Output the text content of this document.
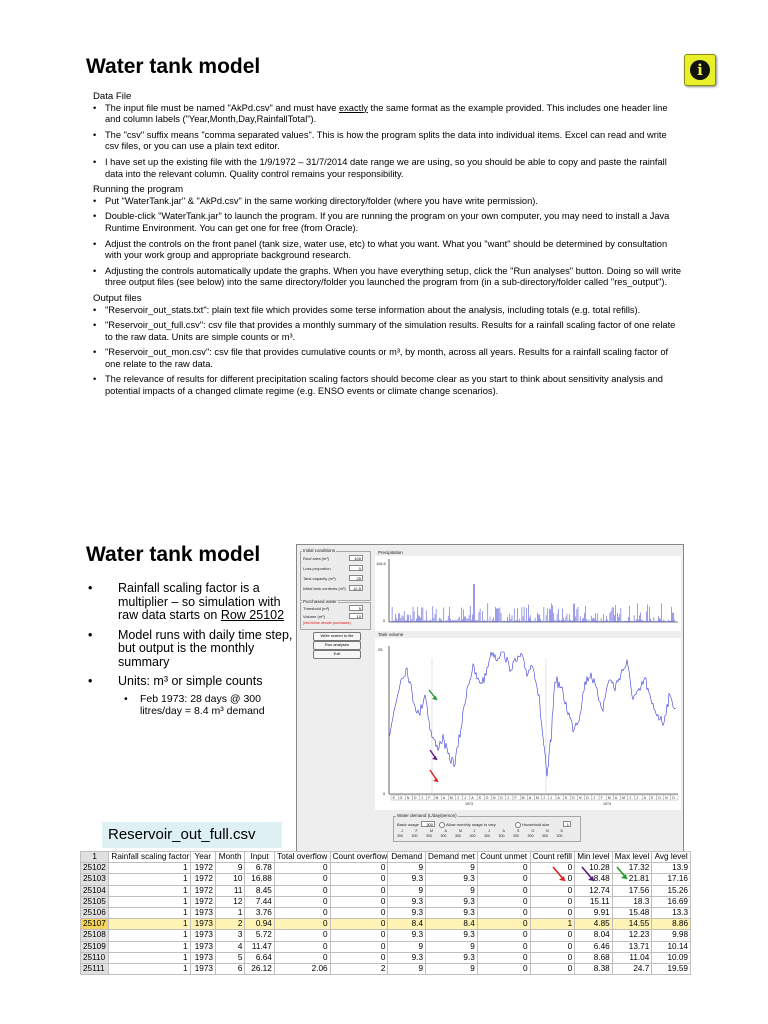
Water tank model	i
Data File
• The input file must be named "AkPd.csv" and must have exactly the same format as the example provided. This includes one header line and column labels ("Year,Month,Day,RainfallTotal").
• The "csv" suffix means "comma separated values". This is how the program splits the data into individual items. Excel can read and write csv files, or you can use a plain text editor.
• I have set up the existing file with the 1/9/1972 – 31/7/2014 date range we are using, so you should be able to copy and paste the rainfall data into the relevant column. Quality control remains your responsibility.
Running the program
• Put "WaterTank.jar" & "AkPd.csv" in the same working directory/folder (where you have write permission).
• Double-click "WaterTank.jar" to launch the program. If you are running the program on your own computer, you may need to install a Java Runtime Environment. You can get one for free (from Oracle).
• Adjust the controls on the front panel (tank size, water use, etc) to what you want. What you "want" should be determined by consultation with your work group and appropriate background research.
• Adjusting the controls automatically update the graphs. When you have everything setup, click the "Run analyses" button. Doing so will write three output files (see below) into the same directory/folder you launched the program from (in a sub-directory/folder called "res_output").
Output files
• "Reservoir_out_stats.txt": plain text file which provides some terse information about the analysis, including totals (e.g. total refills).
• "Reservoir_out_full.csv": csv file that provides a monthly summary of the simulation results. Results for a rainfall scaling factor of one relate to the raw data. Units are simple counts or m³.
• "Reservoir_out_mon.csv": csv file that provides cumulative counts or m³, by month, across all years. Results for a rainfall scaling factor of one relate to the raw data.
• The relevance of results for different precipitation scaling factors should become clear as you start to think about sensitivity analysis and potential impacts of a changed climate regime (e.g. ENSO events or climate change scenarios).
Water tank model
• Rainfall scaling factor is a multiplier – so simulation with raw data starts on Row 25102
• Model runs with daily time step, but output is the monthly summary
• Units: m³ or simple counts
• Feb 1973: 28 days @ 300 litres/day = 8.4 m³ demand
Initial conditions
Roof area (m²)	100
Loss proportion	0
Tank capacity (m³)	25
Initial tank contents (m³)	12.5
Purchased water
Threshold (m³)	5
Volume (m³)	10
(red=inline denote purchases)
Write screen to file
Run analyses
Exit
Precipitation
116.6
0
Tank volume
25
0
S O N D J F M A M J J A S O N D J F M A M J J A S O N D J F M A M J J A S O N D
1973	1974
Water demand (L/day/person)
Basic usage	300	Allow monthly usage to vary	Household size	1
J
300
F
300
M
300
A
300
M
300
J
300
J
300
A
300
S
300
O
300
N
300
D
300
Reservoir_out_full.csv
1	Rainfall scaling factor	Year	Month	Input	Total overflow	Count overflow	Demand	Demand met	Count unmet	Count refill	Min level	Max level	Avg level
25102	1	1972	9	6.78	0	0	9	9	0	0	10.28	17.32	13.9
25103	1	1972	10	16.88	0	0	9.3	9.3	0	0	8.48	21.81	17.16
25104	1	1972	11	8.45	0	0	9	9	0	0	12.74	17.56	15.26
25105	1	1972	12	7.44	0	0	9.3	9.3	0	0	15.11	18.3	16.69
25106	1	1973	1	3.76	0	0	9.3	9.3	0	0	9.91	15.48	13.3
25107	1	1973	2	0.94	0	0	8.4	8.4	0	1	4.85	14.55	8.86
25108	1	1973	3	5.72	0	0	9.3	9.3	0	0	8.04	12.23	9.98
25109	1	1973	4	11.47	0	0	9	9	0	0	6.46	13.71	10.14
25110	1	1973	5	6.64	0	0	9.3	9.3	0	0	8.68	11.04	10.09
25111	1	1973	6	26.12	2.06	2	9	9	0	0	8.38	24.7	19.59
